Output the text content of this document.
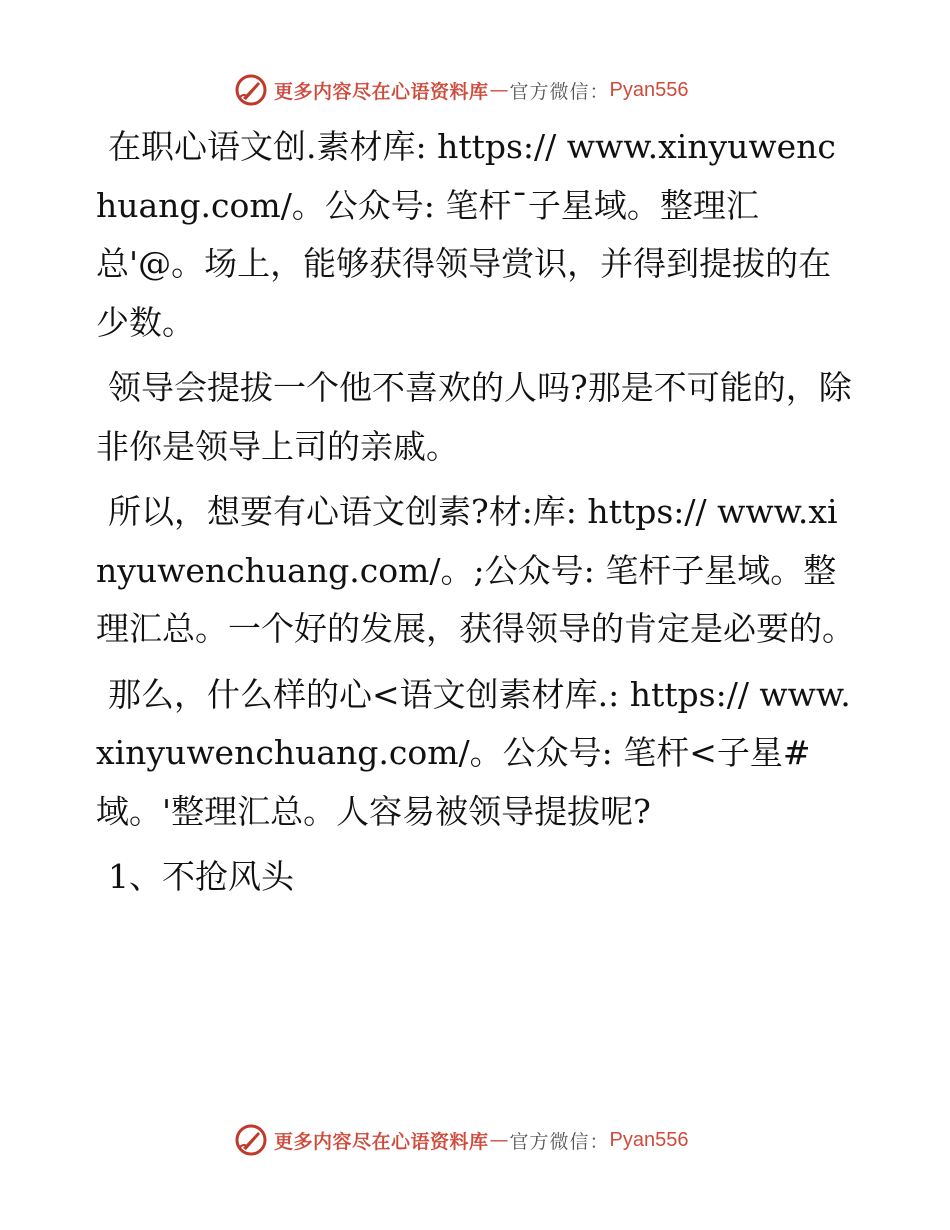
更多内容尽在心语资料库 — 官方微信： Pyan556

在职心语文创.素材库: https:// www.xinyuwenchuang.com/。公众号: 笔杆¯子星域。整理汇总'@。场上，能够获得领导赏识，并得到提拔的在少数。

领导会提拔一个他不喜欢的人吗?那是不可能的，除非你是领导上司的亲戚。

所以，想要有心语文创素?材:库: https:// www.xinyuwenchuang.com/。;公众号: 笔杆子星域。整理汇总。一个好的发展，获得领导的肯定是必要的。

那么，什么样的心<语文创素材库.: https:// www.xinyuwenchuang.com/。公众号: 笔杆<子星#域。'整理汇总。人容易被领导提拔呢?

1、不抢风头

更多内容尽在心语资料库 — 官方微信： Pyan556
